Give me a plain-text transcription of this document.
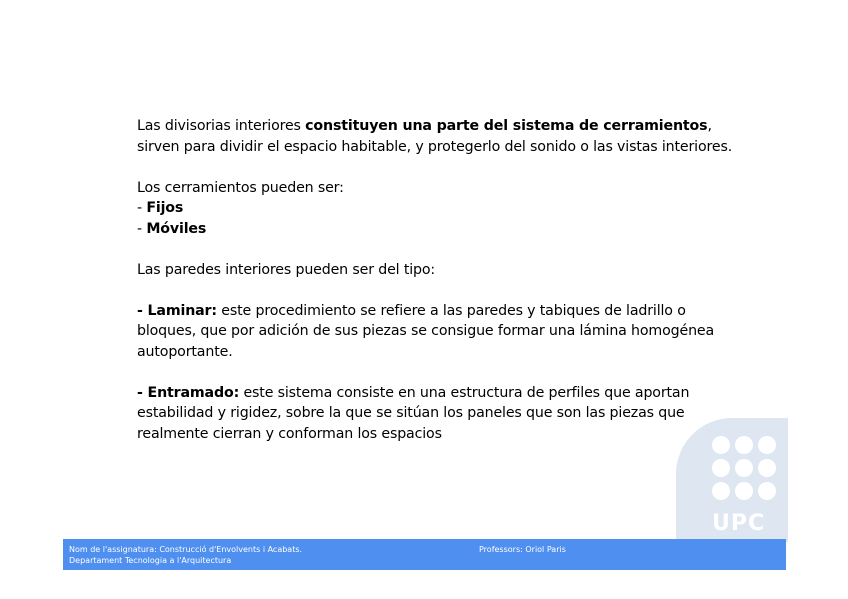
Las divisorias interiores constituyen una parte del sistema de cerramientos, sirven para dividir el espacio habitable, y protegerlo del sonido o las vistas interiores.

Los cerramientos pueden ser:

- Fijos

- Móviles

Las paredes interiores pueden ser del tipo:

- Laminar: este procedimiento se refiere a las paredes y tabiques de ladrillo o bloques, que por adición de sus piezas se consigue formar una lámina homogénea autoportante.

- Entramado: este sistema consiste en una estructura de perfiles que aportan estabilidad y rigidez, sobre la que se sitúan los paneles que son las piezas que realmente cierran y conforman los espacios

UPC
Nom de l'assignatura: Construcció d'Envolvents i Acabats.
Departament Tecnologia a l'Arquitectura
Professors: Oriol Paris
